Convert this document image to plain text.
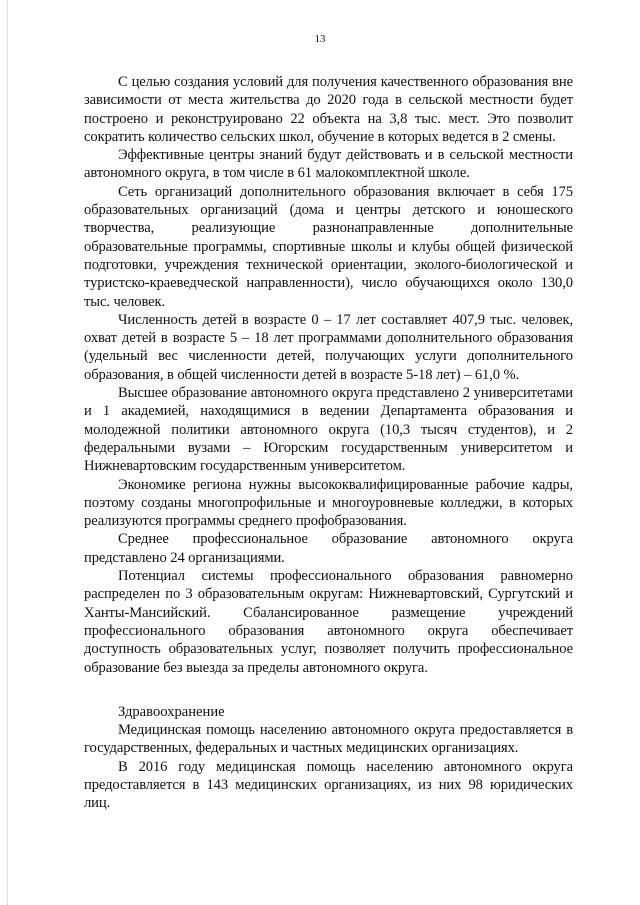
13

С целью создания условий для получения качественного образования вне зависимости от места жительства до 2020 года в сельской местности будет построено и реконструировано 22 объекта на 3,8 тыс. мест. Это позволит сократить количество сельских школ, обучение в которых ведется в 2 смены.

Эффективные центры знаний будут действовать и в сельской местности автономного округа, в том числе в 61 малокомплектной школе.

Сеть организаций дополнительного образования включает в себя 175 образовательных организаций (дома и центры детского и юношеского творчества, реализующие разнонаправленные дополнительные образовательные программы, спортивные школы и клубы общей физической подготовки, учреждения технической ориентации, эколого-биологической и туристско-краеведческой направленности), число обучающихся около 130,0 тыс. человек.

Численность детей в возрасте 0 – 17 лет составляет 407,9 тыс. человек, охват детей в возрасте 5 – 18 лет программами дополнительного образования (удельный вес численности детей, получающих услуги дополнительного образования, в общей численности детей в возрасте 5-18 лет) – 61,0 %.

Высшее образование автономного округа представлено 2 университетами и 1 академией, находящимися в ведении Департамента образования и молодежной политики автономного округа (10,3 тысяч студентов), и 2 федеральными вузами – Югорским государственным университетом и Нижневартовским государственным университетом.

Экономике региона нужны высококвалифицированные рабочие кадры, поэтому созданы многопрофильные и многоуровневые колледжи, в которых реализуются программы среднего профобразования.

Среднее профессиональное образование автономного округа представлено 24 организациями.

Потенциал системы профессионального образования равномерно распределен по 3 образовательным округам: Нижневартовский, Сургутский и Ханты-Мансийский. Сбалансированное размещение учреждений профессионального образования автономного округа обеспечивает доступность образовательных услуг, позволяет получить профессиональное образование без выезда за пределы автономного округа.

Здравоохранение

Медицинская помощь населению автономного округа предоставляется в государственных, федеральных и частных медицинских организациях.

В 2016 году медицинская помощь населению автономного округа предоставляется в 143 медицинских организациях, из них 98 юридических лиц.
